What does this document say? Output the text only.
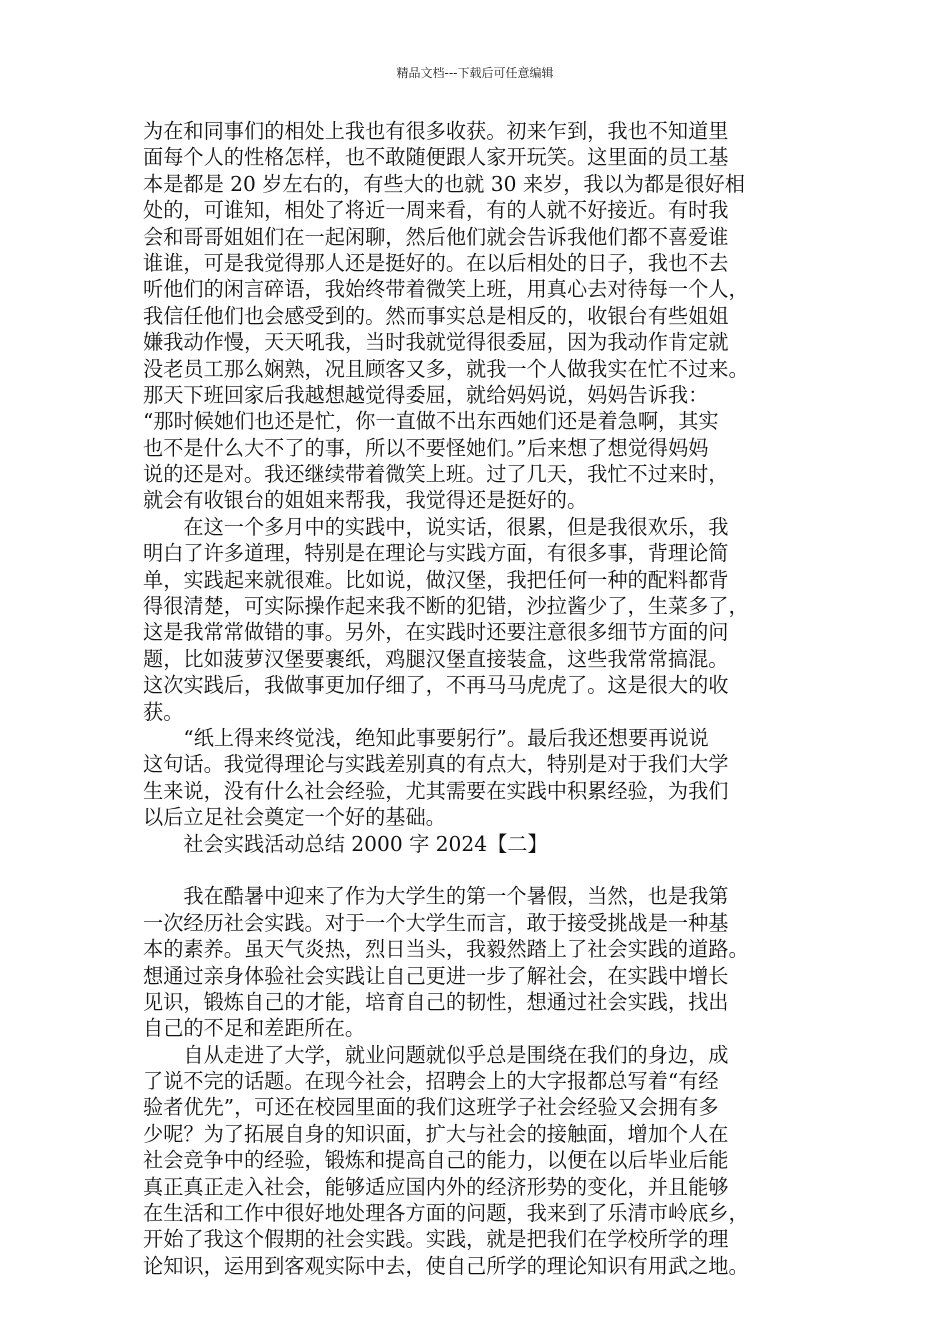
精品文档---下载后可任意编辑
为在和同事们的相处上我也有很多收获。初来乍到，我也不知道里
面每个人的性格怎样，也不敢随便跟人家开玩笑。这里面的员工基
本是都是 20 岁左右的，有些大的也就 30 来岁，我以为都是很好相
处的，可谁知，相处了将近一周来看，有的人就不好接近。有时我
会和哥哥姐姐们在一起闲聊，然后他们就会告诉我他们都不喜爱谁
谁谁，可是我觉得那人还是挺好的。在以后相处的日子，我也不去
听他们的闲言碎语，我始终带着微笑上班，用真心去对待每一个人，
我信任他们也会感受到的。然而事实总是相反的，收银台有些姐姐
嫌我动作慢，天天吼我，当时我就觉得很委屈，因为我动作肯定就
没老员工那么娴熟，况且顾客又多，就我一个人做我实在忙不过来。
那天下班回家后我越想越觉得委屈，就给妈妈说，妈妈告诉我：
“那时候她们也还是忙，你一直做不出东西她们还是着急啊，其实
也不是什么大不了的事，所以不要怪她们。”后来想了想觉得妈妈
说的还是对。我还继续带着微笑上班。过了几天，我忙不过来时，
就会有收银台的姐姐来帮我，我觉得还是挺好的。
　　在这一个多月中的实践中，说实话，很累，但是我很欢乐，我
明白了许多道理，特别是在理论与实践方面，有很多事，背理论简
单，实践起来就很难。比如说，做汉堡，我把任何一种的配料都背
得很清楚，可实际操作起来我不断的犯错，沙拉酱少了，生菜多了，
这是我常常做错的事。另外，在实践时还要注意很多细节方面的问
题，比如菠萝汉堡要裹纸，鸡腿汉堡直接装盒，这些我常常搞混。
这次实践后，我做事更加仔细了，不再马马虎虎了。这是很大的收
获。
　　“纸上得来终觉浅，绝知此事要躬行”。最后我还想要再说说
这句话。我觉得理论与实践差别真的有点大，特别是对于我们大学
生来说，没有什么社会经验，尤其需要在实践中积累经验，为我们
以后立足社会奠定一个好的基础。
　　社会实践活动总结 2000 字 2024【二】
　　我在酷暑中迎来了作为大学生的第一个暑假，当然，也是我第
一次经历社会实践。对于一个大学生而言，敢于接受挑战是一种基
本的素养。虽天气炎热，烈日当头，我毅然踏上了社会实践的道路。
想通过亲身体验社会实践让自己更进一步了解社会，在实践中增长
见识，锻炼自己的才能，培育自己的韧性，想通过社会实践，找出
自己的不足和差距所在。
　　自从走进了大学，就业问题就似乎总是围绕在我们的身边，成
了说不完的话题。在现今社会，招聘会上的大字报都总写着“有经
验者优先”，可还在校园里面的我们这班学子社会经验又会拥有多
少呢？为了拓展自身的知识面，扩大与社会的接触面，增加个人在
社会竞争中的经验，锻炼和提高自己的能力，以便在以后毕业后能
真正真正走入社会，能够适应国内外的经济形势的变化，并且能够
在生活和工作中很好地处理各方面的问题，我来到了乐清市岭底乡，
开始了我这个假期的社会实践。实践，就是把我们在学校所学的理
论知识，运用到客观实际中去，使自己所学的理论知识有用武之地。
